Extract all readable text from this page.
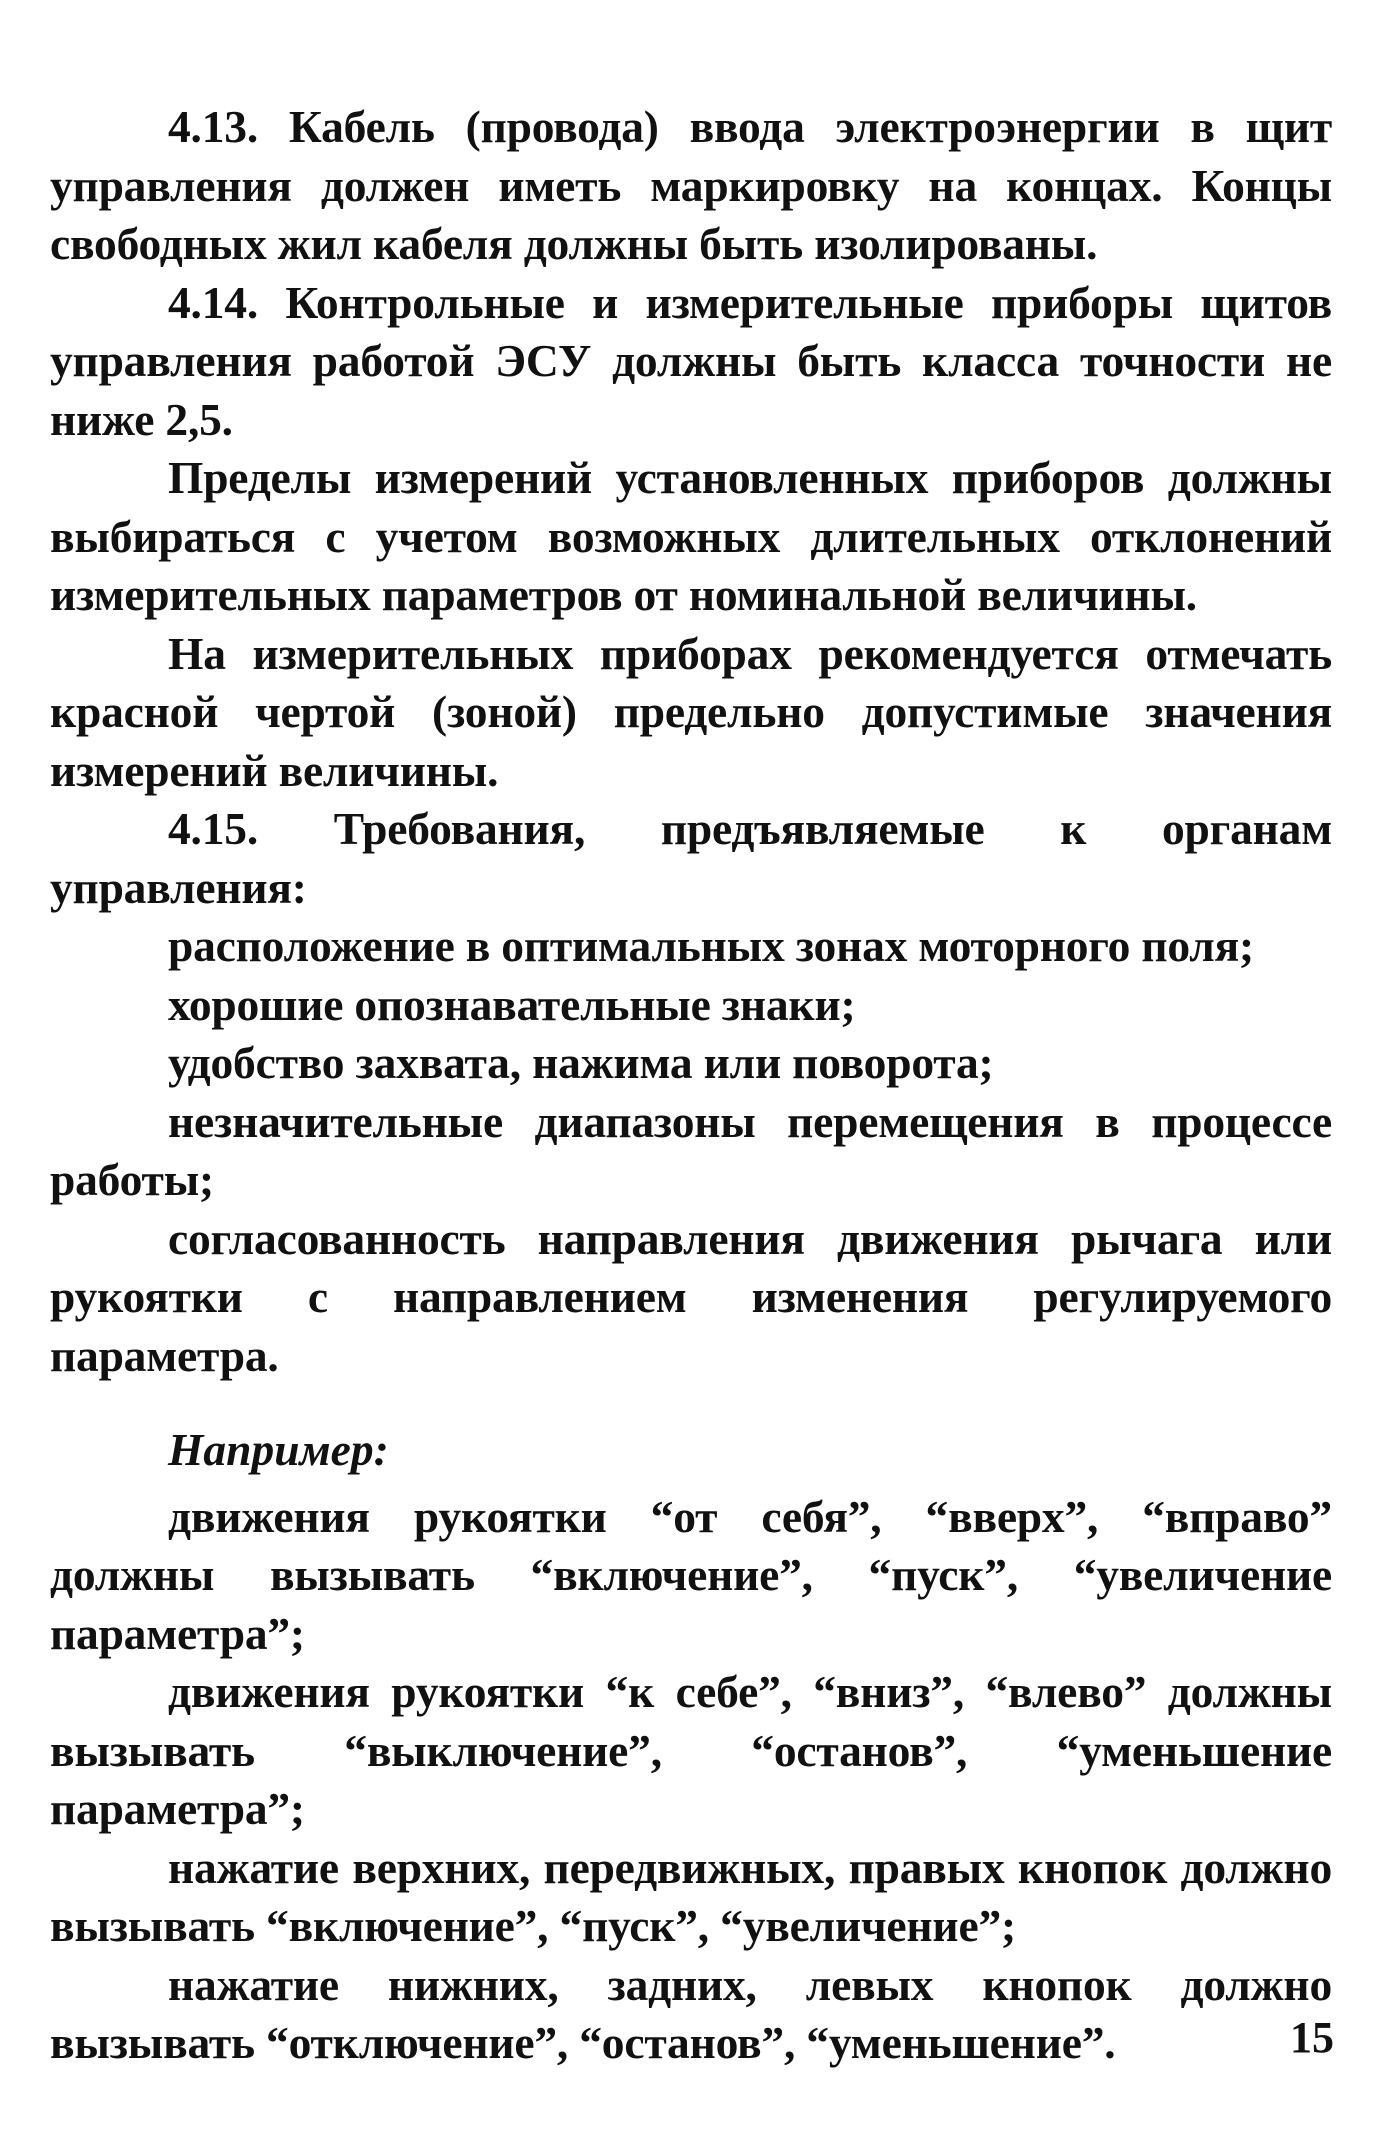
4.13. Кабель (провода) ввода электроэнергии в щит управления должен иметь маркировку на концах. Концы свободных жил кабеля должны быть изолированы.

4.14. Контрольные и измерительные приборы щитов управления работой ЭСУ должны быть класса точности не ниже 2,5.

Пределы измерений установленных приборов должны выбираться с учетом возможных длительных отклонений измерительных параметров от номинальной величины.

На измерительных приборах рекомендуется отмечать красной чертой (зоной) предельно допустимые значения измерений величины.

4.15. Требования, предъявляемые к органам управления:

расположение в оптимальных зонах моторного поля;

хорошие опознавательные знаки;

удобство захвата, нажима или поворота;

незначительные диапазоны перемещения в процессе работы;

согласованность направления движения рычага или рукоятки с направлением изменения регулируемого параметра.

Например:

движения рукоятки “от себя”, “вверх”, “вправо” должны вызывать “включение”, “пуск”, “увеличение параметра”;

движения рукоятки “к себе”, “вниз”, “влево” должны вызывать “выключение”, “останов”, “уменьшение параметра”;

нажатие верхних, передвижных, правых кнопок должно вызывать “включение”, “пуск”, “увеличение”;

нажатие нижних, задних, левых кнопок должно вызывать “отключение”, “останов”, “уменьшение”.	15
